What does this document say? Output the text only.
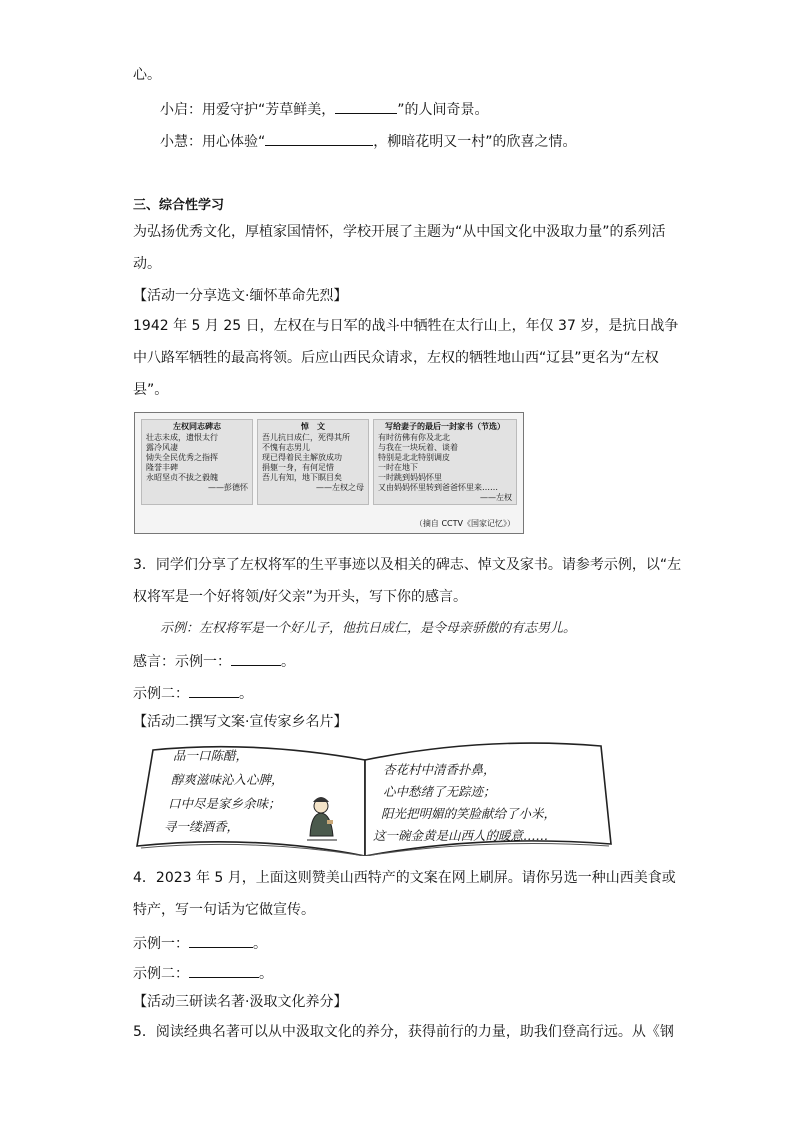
心。
小启：用爱守护“芳草鲜美，	”的人间奇景。
小慧：用心体验“	，柳暗花明又一村”的欣喜之情。
三、综合性学习
为弘扬优秀文化，厚植家国情怀，学校开展了主题为“从中国文化中汲取力量”的系列活
动。
【活动一分享选文·缅怀革命先烈】
1942 年 5 月 25 日，左权在与日军的战斗中牺牲在太行山上，年仅 37 岁，是抗日战争
中八路军牺牲的最高将领。后应山西民众请求，左权的牺牲地山西“辽县”更名为“左权
县”。
左权同志碑志
壮志未成，遗恨太行
露冷风凄
恸失全民优秀之指挥
隆誉丰碑
永昭坚贞不拔之毅魄
——彭德怀
悼　文
吾儿抗日成仁，死得其所
不愧有志男儿
现已得着民主解放成功
捐躯一身，有何足惜
吾儿有知，地下瞑目矣
——左权之母
写给妻子的最后一封家书（节选）
有时彷佛有你及北北
与我在一块玩着、谈着
特别是北北特别调皮
一时在地下
一时跳到妈妈怀里
又由妈妈怀里转到爸爸怀里来……
——左权
（摘自 CCTV《国家记忆》）
3．同学们分享了左权将军的生平事迹以及相关的碑志、悼文及家书。请参考示例，以“左
权将军是一个好将领/好父亲”为开头，写下你的感言。
示例：左权将军是一个好儿子，他抗日成仁，是令母亲骄傲的有志男儿。
感言：示例一：	。
示例二：	。
【活动二撰写文案·宣传家乡名片】
品一口陈醋，
醇爽滋味沁入心脾，
口中尽是家乡余味；
寻一缕酒香，
杏花村中清香扑鼻，
心中愁绪了无踪迹；
阳光把明媚的笑脸献给了小米，
这一碗金黄是山西人的暖意……
4．2023 年 5 月，上面这则赞美山西特产的文案在网上刷屏。请你另选一种山西美食或
特产，写一句话为它做宣传。
示例一：	。
示例二：	。
【活动三研读名著·汲取文化养分】
5．阅读经典名著可以从中汲取文化的养分，获得前行的力量，助我们登高行远。从《钢
